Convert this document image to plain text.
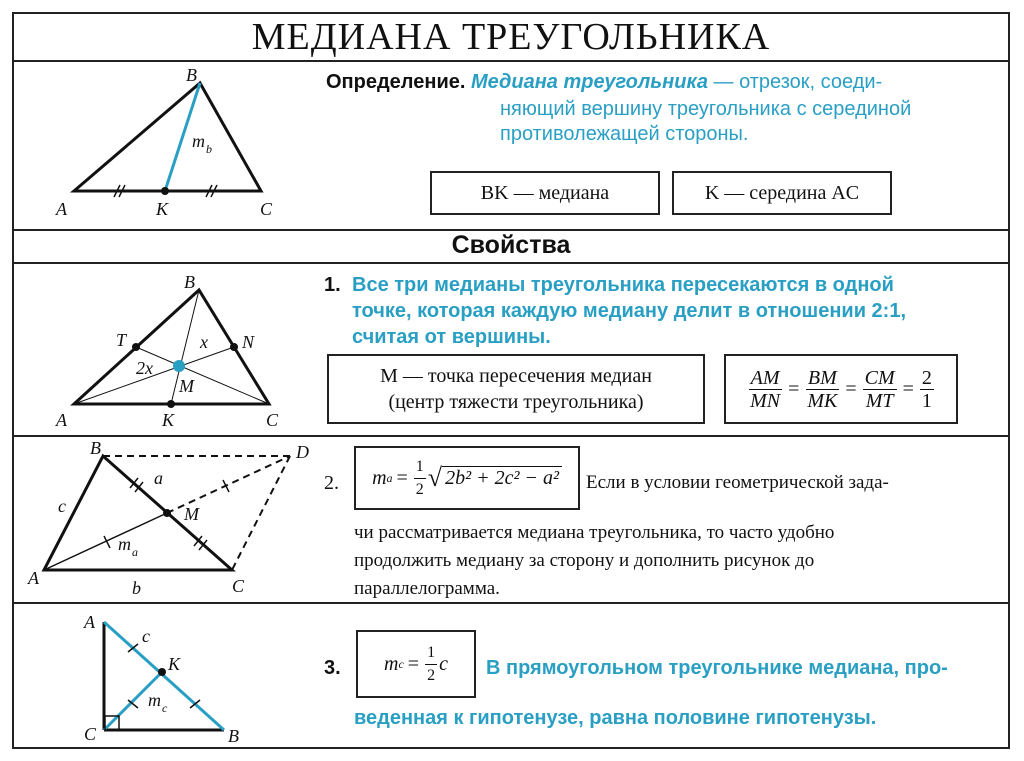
МЕДИАНА ТРЕУГОЛЬНИКА
B
A	K	C
m b
Определение. Медиана треугольника — отрезок, соеди-
няющий вершину треугольника с серединой
противолежащей стороны.
BK — медиана	K — середина AC
Свойства
B
T	N
x
2x
M
A	K	C
1. Все три медианы треугольника пересекаются в одной
точке, которая каждую медиану делит в отношении 2:1,
считая от вершины.
M — точка пересечения медиан
(центр тяжести треугольника)	$\frac{AM}{MN} = \frac{BM}{MK} = \frac{CM}{MT} = \frac{2}{1}$
B	D
a
c	M
m a
A	b	C
2. m $a = \frac{1}{2}$ √ 2b² + 2c² − a² Если в условии геометрической зада-
чи рассматривается медиана треугольника, то часто удобно
продолжить медиану за сторону и дополнить рисунок до
параллелограмма.
A
c
K
m c
C	B
3. m $c = \frac{1}{2}$ c В прямоугольном треугольнике медиана, про-
веденная к гипотенузе, равна половине гипотенузы.
